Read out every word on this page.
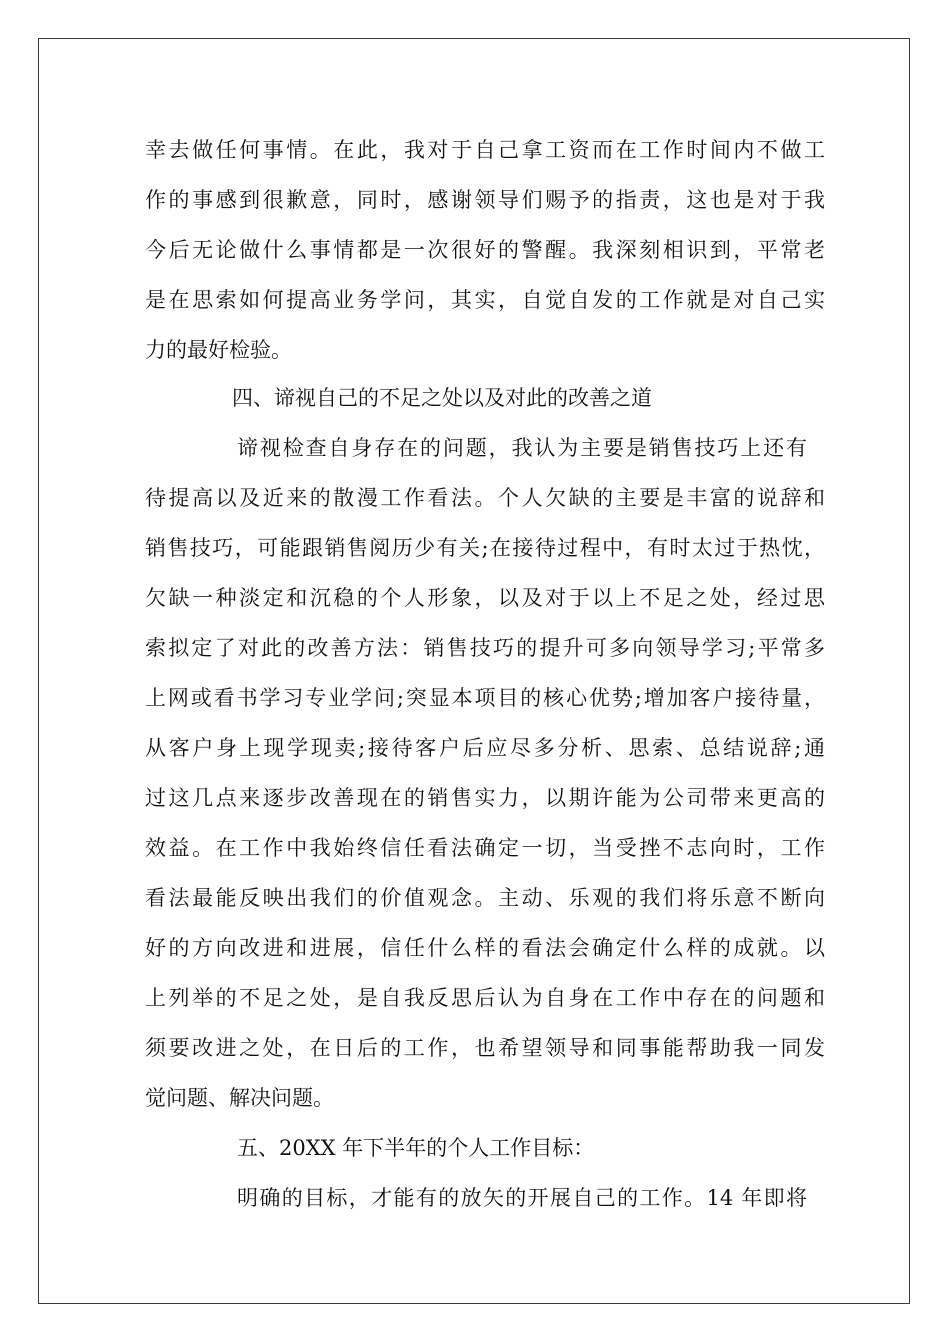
幸去做任何事情。在此，我对于自己拿工资而在工作时间内不做工
作的事感到很歉意，同时，感谢领导们赐予的指责，这也是对于我
今后无论做什么事情都是一次很好的警醒。我深刻相识到，平常老
是在思索如何提高业务学问，其实，自觉自发的工作就是对自己实
力的最好检验。
四、谛视自己的不足之处以及对此的改善之道
谛视检查自身存在的问题，我认为主要是销售技巧上还有
待提高以及近来的散漫工作看法。个人欠缺的主要是丰富的说辞和
销售技巧，可能跟销售阅历少有关;在接待过程中，有时太过于热忱，
欠缺一种淡定和沉稳的个人形象，以及对于以上不足之处，经过思
索拟定了对此的改善方法：销售技巧的提升可多向领导学习;平常多
上网或看书学习专业学问;突显本项目的核心优势;增加客户接待量，
从客户身上现学现卖;接待客户后应尽多分析、思索、总结说辞;通
过这几点来逐步改善现在的销售实力，以期许能为公司带来更高的
效益。在工作中我始终信任看法确定一切，当受挫不志向时，工作
看法最能反映出我们的价值观念。主动、乐观的我们将乐意不断向
好的方向改进和进展，信任什么样的看法会确定什么样的成就。以
上列举的不足之处，是自我反思后认为自身在工作中存在的问题和
须要改进之处，在日后的工作，也希望领导和同事能帮助我一同发
觉问题、解决问题。
五、20XX 年下半年的个人工作目标：
明确的目标，才能有的放矢的开展自己的工作。14 年即将
